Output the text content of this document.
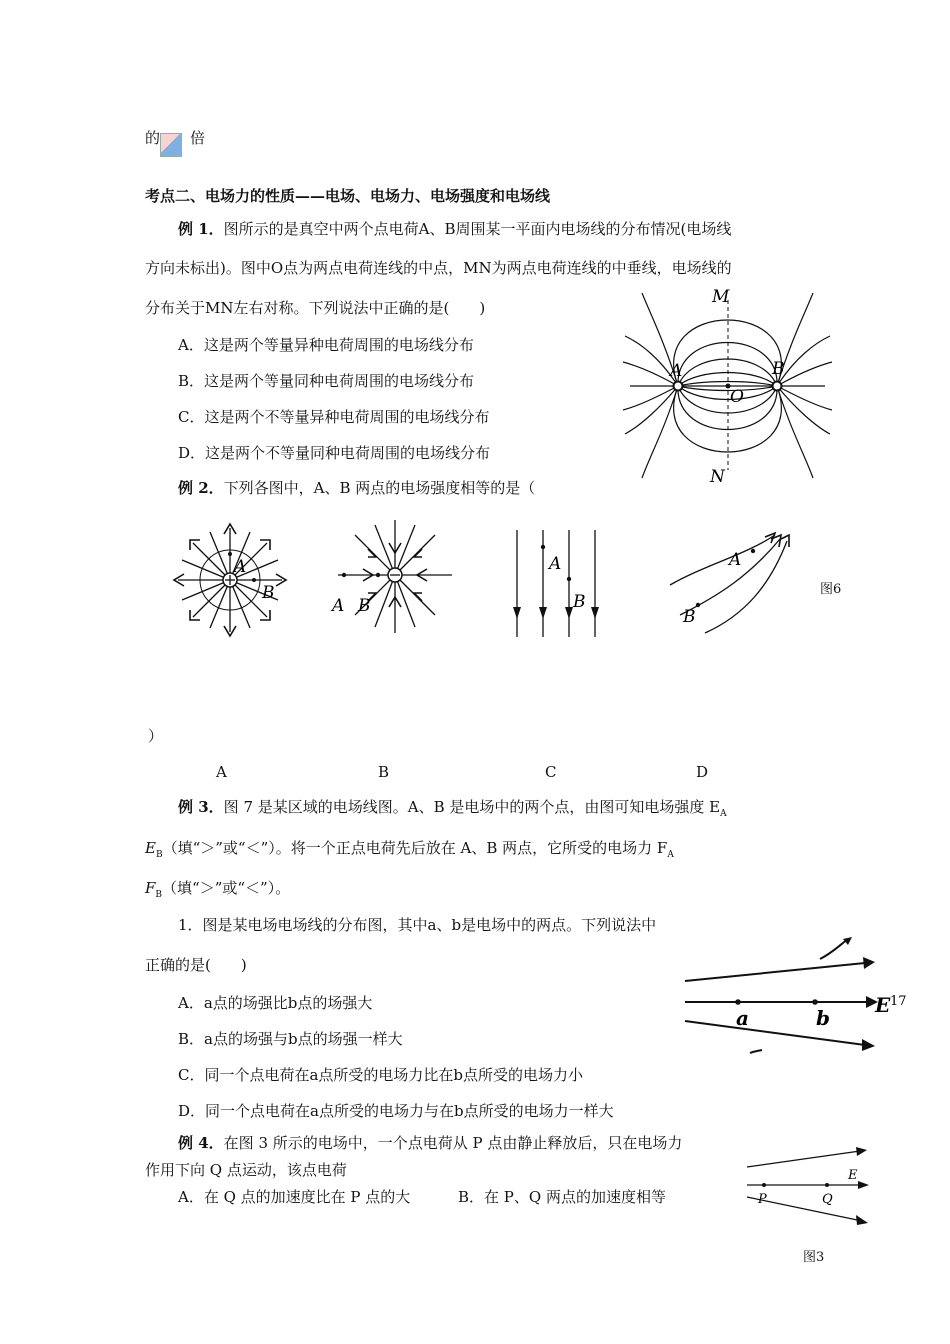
的 倍
考点二、电场力的性质——电场、电场力、电场强度和电场线
例 1．图所示的是真空中两个点电荷A、B周围某一平面内电场线的分布情况(电场线
方向未标出)。图中O点为两点电荷连线的中点，MN为两点电荷连线的中垂线，电场线的
分布关于MN左右对称。下列说法中正确的是(　　)
A．这是两个等量异种电荷周围的电场线分布
B．这是两个等量同种电荷周围的电场线分布
C．这是两个不等量异种电荷周围的电场线分布
D．这是两个不等量同种电荷周围的电场线分布
M
N
A	B
O
例 2．下列各图中，A、B 两点的电场强度相等的是（
A
B
A B
A
B
A
B
图6
）
A	B	C	D
例 3．图 7 是某区域的电场线图。A、B 是电场中的两个点，由图可知电场强度 $E_A$
$E_B$（填“＞”或“＜”）。将一个正点电荷先后放在 A、B 两点，它所受的电场力 $F_A$
$F_B$（填“＞”或“＜”）。
1．图是某电场电场线的分布图，其中a、b是电场中的两点。下列说法中
正确的是(　　)
A．a点的场强比b点的场强大
B．a点的场强与b点的场强一样大
C．同一个点电荷在a点所受的电场力比在b点所受的电场力小
D．同一个点电荷在a点所受的电场力与在b点所受的电场力一样大
a	b
E 17
例 4．在图 3 所示的电场中，一个点电荷从 P 点由静止释放后，只在电场力
作用下向 Q 点运动，该点电荷
A．在 Q 点的加速度比在 P 点的大	B．在 P、Q 两点的加速度相等	P	Q
E
图3
